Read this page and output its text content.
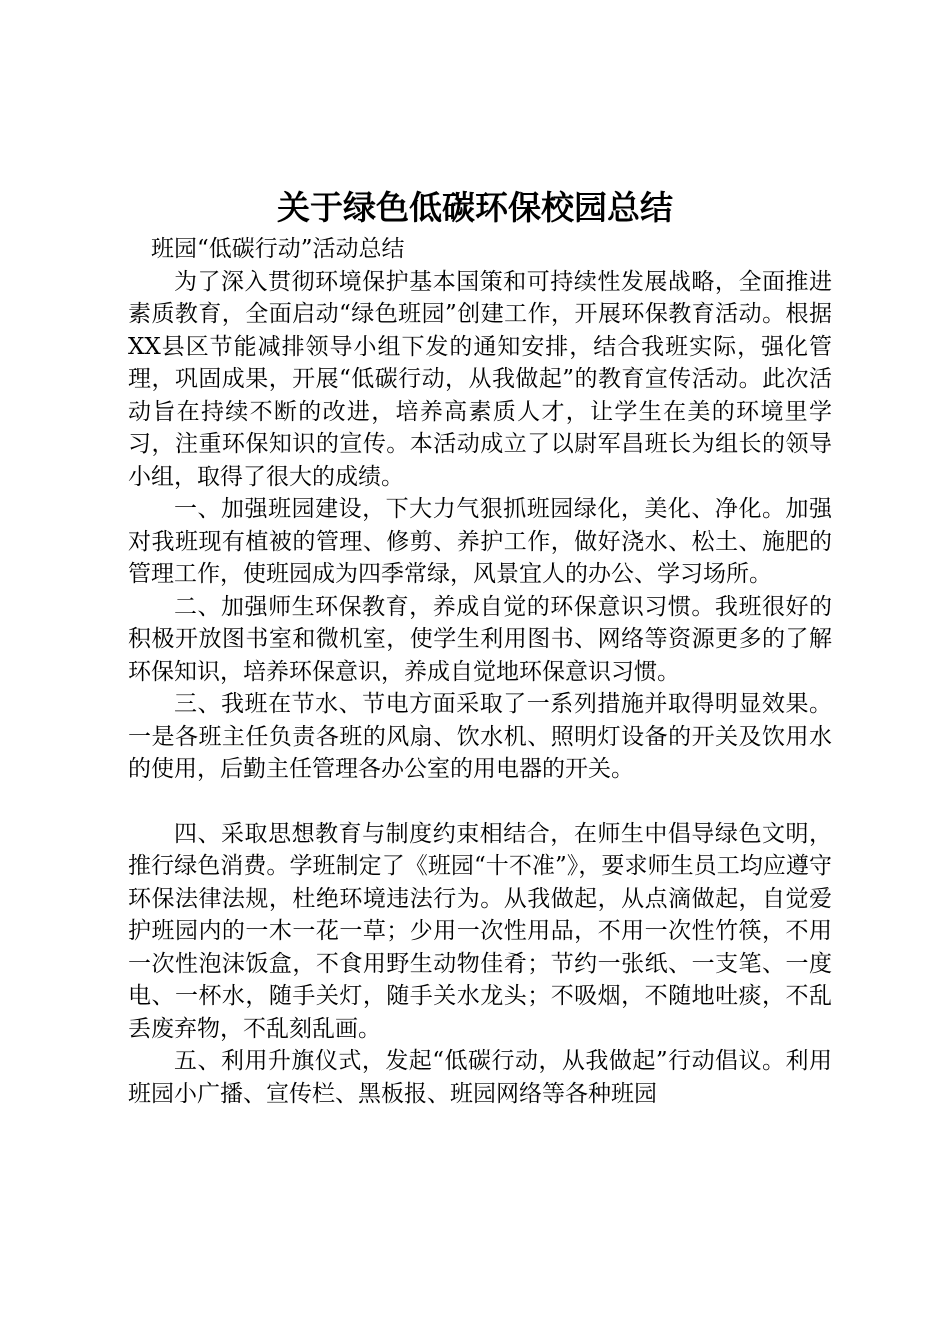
关于绿色低碳环保校园总结

班园“低碳行动”活动总结

为了深入贯彻环境保护基本国策和可持续性发展战略，全面推进素质教育，全面启动“绿色班园”创建工作，开展环保教育活动。根据XX县区节能减排领导小组下发的通知安排，结合我班实际，强化管理，巩固成果，开展“低碳行动，从我做起”的教育宣传活动。此次活动旨在持续不断的改进，培养高素质人才，让学生在美的环境里学习，注重环保知识的宣传。本活动成立了以尉军昌班长为组长的领导小组，取得了很大的成绩。

一、加强班园建设，下大力气狠抓班园绿化，美化、净化。加强对我班现有植被的管理、修剪、养护工作，做好浇水、松土、施肥的管理工作，使班园成为四季常绿，风景宜人的办公、学习场所。

二、加强师生环保教育，养成自觉的环保意识习惯。我班很好的积极开放图书室和微机室，使学生利用图书、网络等资源更多的了解环保知识，培养环保意识，养成自觉地环保意识习惯。

三、我班在节水、节电方面采取了一系列措施并取得明显效果。一是各班主任负责各班的风扇、饮水机、照明灯设备的开关及饮用水的使用，后勤主任管理各办公室的用电器的开关。

四、采取思想教育与制度约束相结合，在师生中倡导绿色文明，推行绿色消费。学班制定了《班园“十不准”》，要求师生员工均应遵守环保法律法规，杜绝环境违法行为。从我做起，从点滴做起，自觉爱护班园内的一木一花一草；少用一次性用品，不用一次性竹筷，不用一次性泡沫饭盒，不食用野生动物佳肴；节约一张纸、一支笔、一度电、一杯水，随手关灯，随手关水龙头；不吸烟，不随地吐痰，不乱丢废弃物，不乱刻乱画。

五、利用升旗仪式，发起“低碳行动，从我做起”行动倡议。利用班园小广播、宣传栏、黑板报、班园网络等各种班园
